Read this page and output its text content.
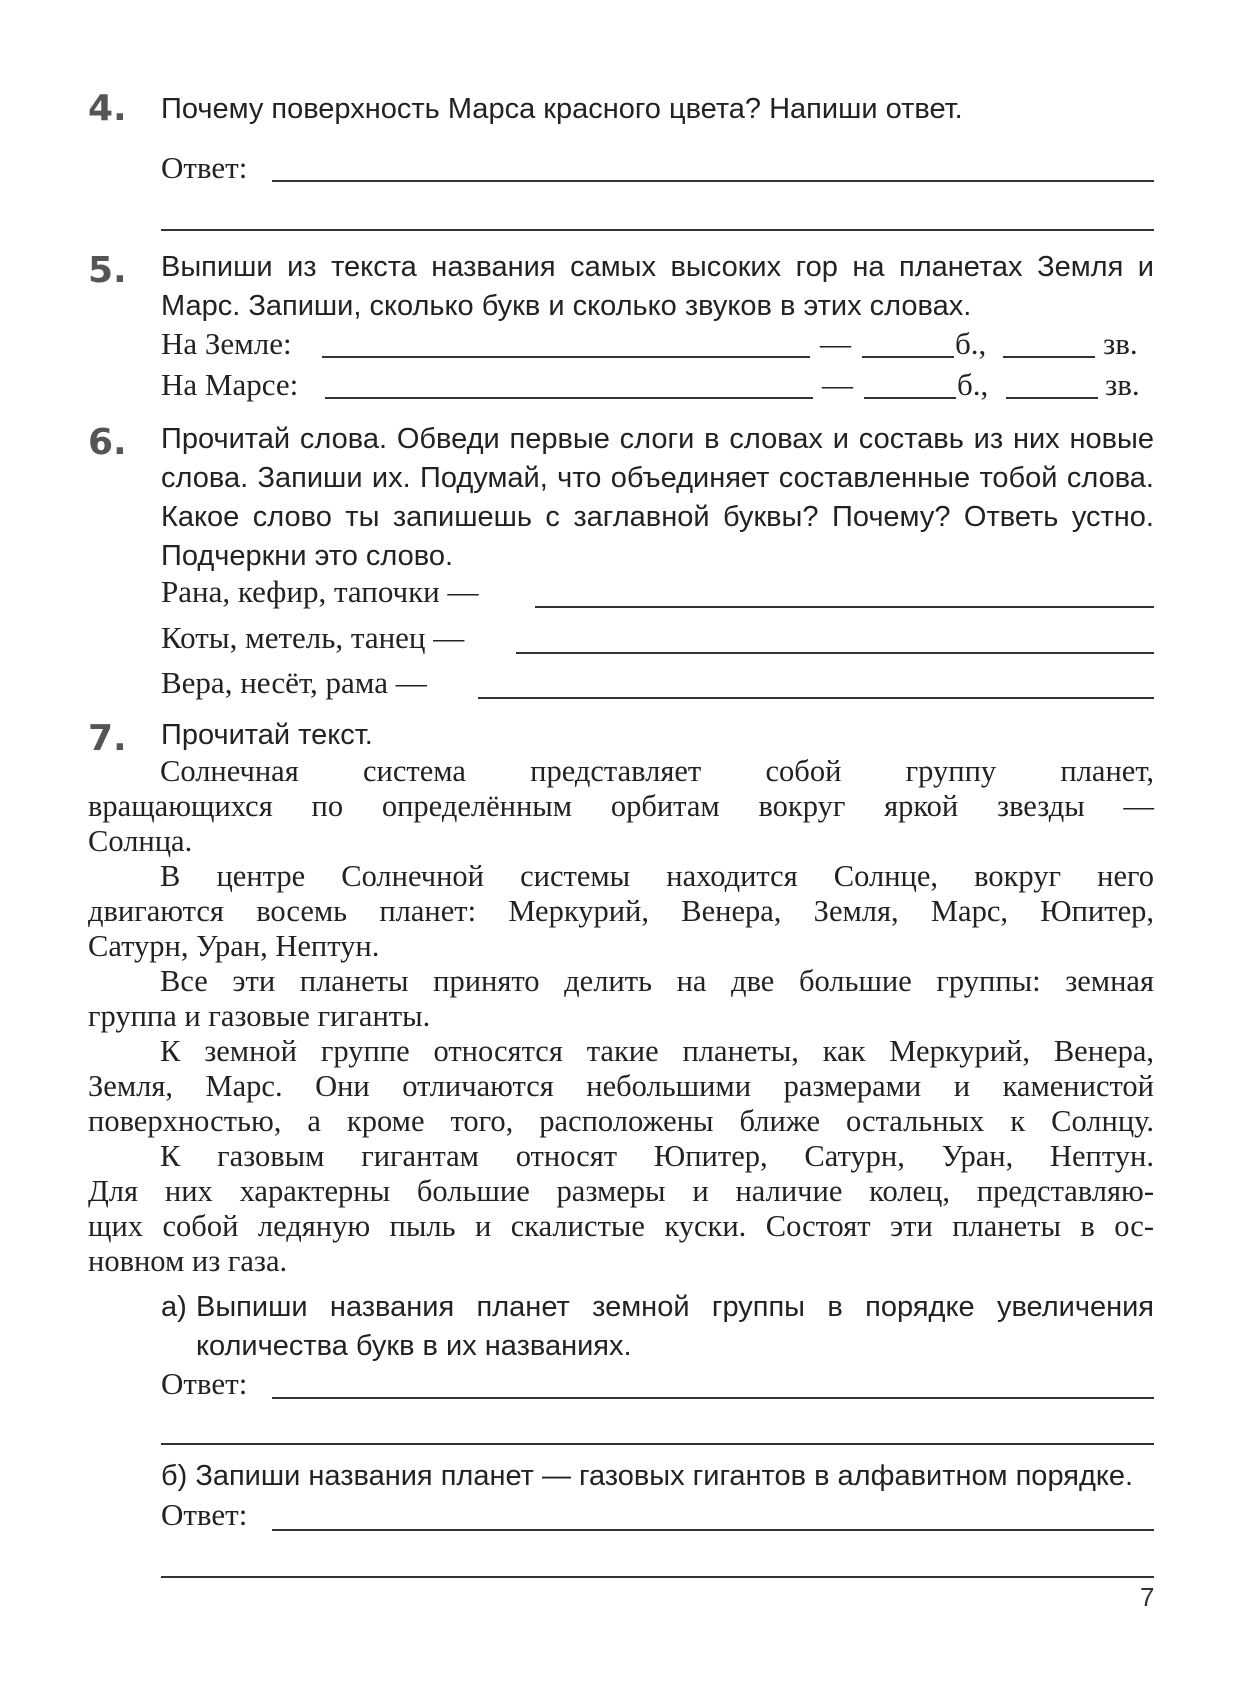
4. Почему поверхность Марса красного цвета? Напиши ответ.
Ответ:
5. Выпиши из текста названия самых высоких гор на планетах Земля и
Марс. Запиши, сколько букв и сколько звуков в этих словах.
На Земле:	—	б.,	зв.
На Марсе:	—	б.,	зв.
6. Прочитай слова. Обведи первые слоги в словах и составь из них новые
слова. Запиши их. Подумай, что объединяет составленные тобой слова.
Какое слово ты запишешь с заглавной буквы? Почему? Ответь устно.
Подчеркни это слово.
Рана, кефир, тапочки —
Коты, метель, танец —
Вера, несёт, рама —
7. Прочитай текст.
Солнечная система представляет собой группу планет,
вращающихся по определённым орбитам вокруг яркой звезды —
Солнца.
В центре Солнечной системы находится Солнце, вокруг него
двигаются восемь планет: Меркурий, Венера, Земля, Марс, Юпитер,
Сатурн, Уран, Нептун.
Все эти планеты принято делить на две большие группы: земная
группа и газовые гиганты.
К земной группе относятся такие планеты, как Меркурий, Венера,
Земля, Марс. Они отличаются небольшими размерами и каменистой
поверхностью, а кроме того, расположены ближе остальных к Солнцу.
К газовым гигантам относят Юпитер, Сатурн, Уран, Нептун.
Для них характерны большие размеры и наличие колец, представляю-
щих собой ледяную пыль и скалистые куски. Состоят эти планеты в ос-
новном из газа.
а) Выпиши названия планет земной группы в порядке увеличения
количества букв в их названиях.
Ответ:
б) Запиши названия планет — газовых гигантов в алфавитном порядке.
Ответ:
7
